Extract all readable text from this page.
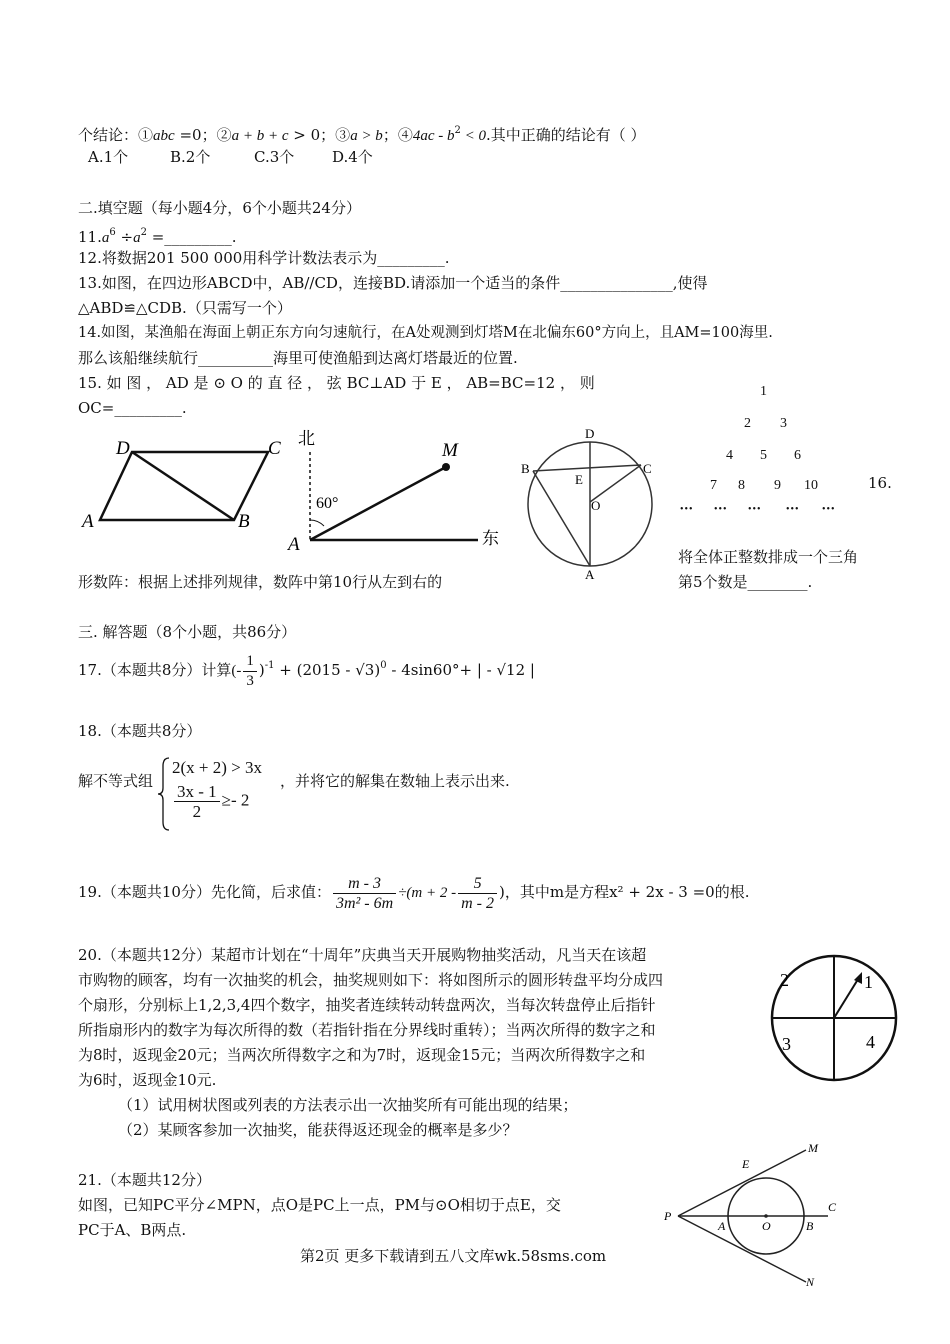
个结论：①abc =0；②a + b + c > 0；③a > b；④4ac - $b^2 < 0$.其中正确的结论有（ ）
A.1个	B.2个	C.3个	D.4个
二.填空题（每小题4分，6个小题共24分）
$11.a^6 \div a^2$ =_________.
12.将数据201 500 000用科学计数法表示为_________.
13.如图，在四边形ABCD中，AB//CD，连接BD.请添加一个适当的条件_______________,使得
△ABD≌△CDB.（只需写一个）
14.如图，某渔船在海面上朝正东方向匀速航行，在A处观测到灯塔M在北偏东60°方向上，且AM=100海里.
那么该船继续航行__________海里可使渔船到达离灯塔最近的位置.
15. 如 图 ， AD 是 ⊙ O 的 直 径 ， 弦 BC⊥AD 于 E ， AB=BC=12 ， 则
OC=_________.
D	C
A	B
北
东
M
A
60°
D
B	C
E
O
A
1
2 3
4 5 6
7 8 9 10
••• ••• ••• ••• •••
16.
将全体正整数排成一个三角
形数阵：根据上述排列规律，数阵中第10行从左到右的	第5个数是________.
三. 解答题（8个小题，共86分）
17.（本题共8分）计算(- $\frac{1}{3} )^{-1} + (2015 - √3)^0 - 4\sin 60^\circ+$ | - √12 |
18.（本题共8分）
解不等式组
2(x + 2) > 3x
$\frac{3x - 1}{2} \ge- 2$
，并将它的解集在数轴上表示出来.
19.（本题共10分）先化简，后求值： $\frac{m - 3}{\text{3m² - 6m}} \div(m + 2 - \frac{5}{m - 2}$ )，其中m是方程x² + 2x - 3 =0的根.
20.（本题共12分）某超市计划在“十周年”庆典当天开展购物抽奖活动，凡当天在该超
市购物的顾客，均有一次抽奖的机会，抽奖规则如下：将如图所示的圆形转盘平均分成四
个扇形，分别标上1,2,3,4四个数字，抽奖者连续转动转盘两次，当每次转盘停止后指针
所指扇形内的数字为每次所得的数（若指针指在分界线时重转）；当两次所得的数字之和
为8时，返现金20元；当两次所得数字之和为7时，返现金15元；当两次所得数字之和
为6时，返现金10元.
（1）试用树状图或列表的方法表示出一次抽奖所有可能出现的结果；
（2）某顾客参加一次抽奖，能获得返还现金的概率是多少？
1
2
3	4
21.（本题共12分）
如图，已知PC平分∠MPN，点O是PC上一点，PM与⊙O相切于点E，交
PC于A、B两点.
M
E
C
P
A	O	B
N
第2页 更多下载请到五八文库wk.58sms.com
